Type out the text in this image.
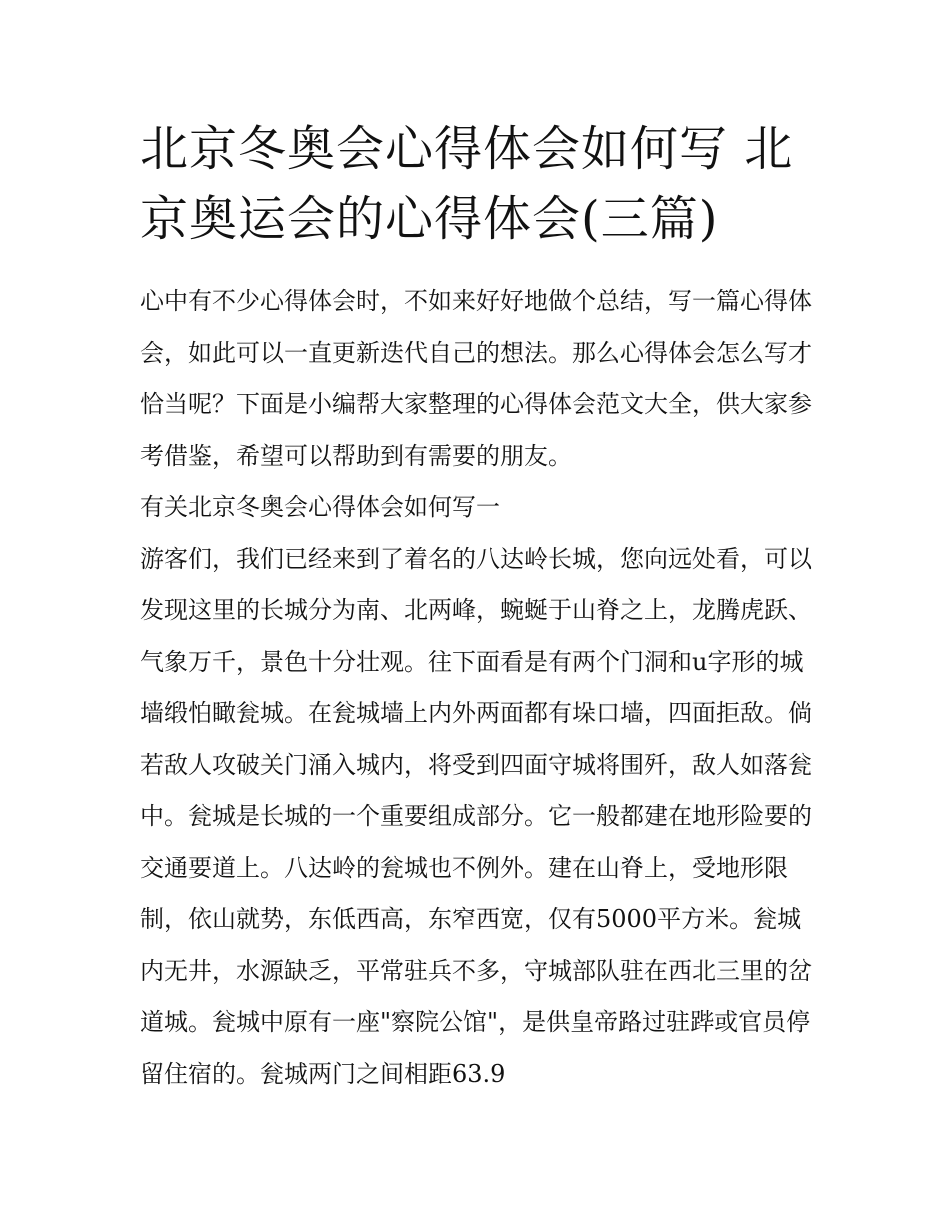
北京冬奥会心得体会如何写 北京奥运会的心得体会(三篇)

心中有不少心得体会时，不如来好好地做个总结，写一篇心得体会，如此可以一直更新迭代自己的想法。那么心得体会怎么写才恰当呢？下面是小编帮大家整理的心得体会范文大全，供大家参考借鉴，希望可以帮助到有需要的朋友。

有关北京冬奥会心得体会如何写一

游客们，我们已经来到了着名的八达岭长城，您向远处看，可以发现这里的长城分为南、北两峰，蜿蜒于山脊之上，龙腾虎跃、气象万千，景色十分壮观。往下面看是有两个门洞和u字形的城墙缎怕瞰瓮城。在瓮城墙上内外两面都有垛口墙，四面拒敌。倘若敌人攻破关门涌入城内，将受到四面守城将围歼，敌人如落瓮中。瓮城是长城的一个重要组成部分。它一般都建在地形险要的交通要道上。八达岭的瓮城也不例外。建在山脊上，受地形限制，依山就势，东低西高，东窄西宽，仅有5000平方米。瓮城内无井，水源缺乏，平常驻兵不多，守城部队驻在西北三里的岔道城。瓮城中原有一座"察院公馆"，是供皇帝路过驻跸或官员停留住宿的。瓮城两门之间相距63.9
